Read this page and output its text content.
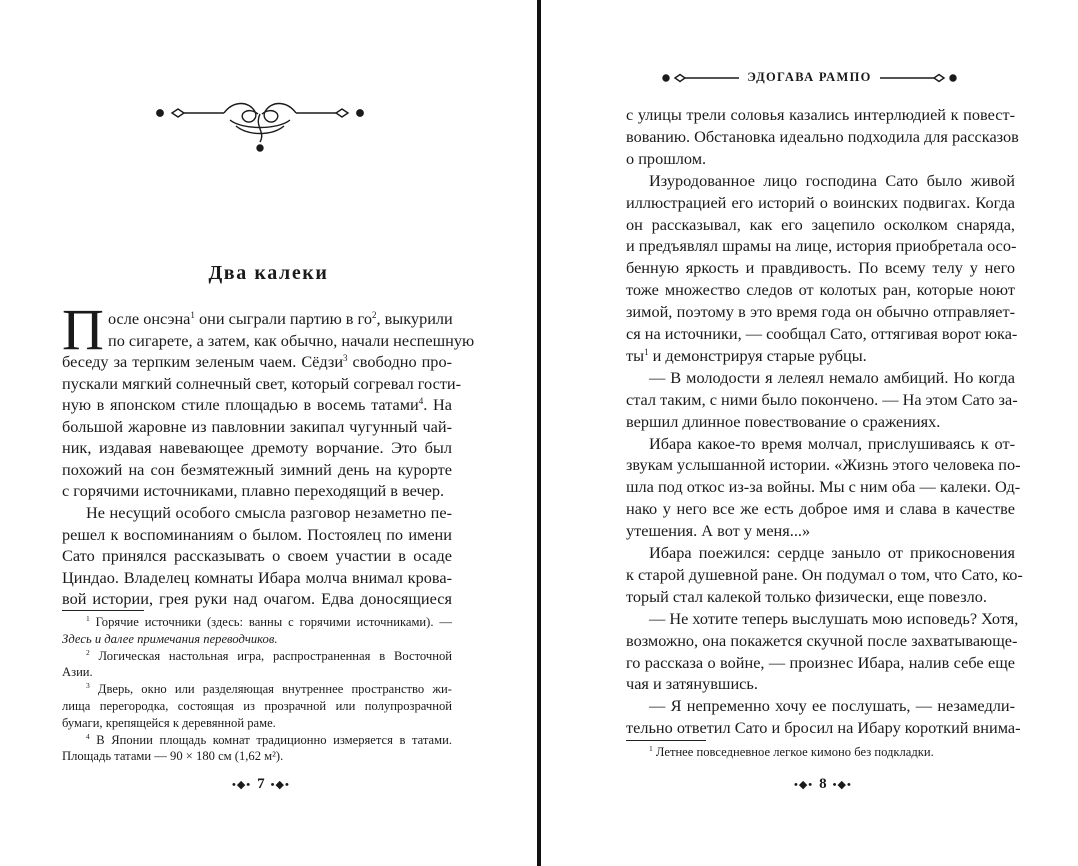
Два калеки
П осле онсэна$^1$ они сыграли партию в $го^2$, выкурили
по сигарете, а затем, как обычно, начали неспешную
беседу за терпким зеленым чаем. Сёдзи$^3$ свободно про-
пускали мягкий солнечный свет, который согревал гости-
ную в японском стиле площадью в восемь татами$^4$. На
большой жаровне из павловнии закипал чугунный чай-
ник, издавая навевающее дремоту ворчание. Это был
похожий на сон безмятежный зимний день на курорте
с горячими источниками, плавно переходящий в вечер.
Не несущий особого смысла разговор незаметно пе-
решел к воспоминаниям о былом. Постоялец по имени
Сато принялся рассказывать о своем участии в осаде
Циндао. Владелец комнаты Ибара молча внимал крова-
вой истории, грея руки над очагом. Едва доносящиеся
$^1$ Горячие источники (здесь: ванны с горячими источниками). —
Здесь и далее примечания переводчиков.
$^2$ Логическая настольная игра, распространенная в Восточной
Азии.
$^3$ Дверь, окно или разделяющая внутреннее пространство жи-
лища перегородка, состоящая из прозрачной или полупрозрачной
бумаги, крепящейся к деревянной раме.
$^4$ В Японии площадь комнат традиционно измеряется в татами.
Площадь татами — 90 × 180 см (1,62 м²).
•◆• 7 •◆•
ЭДОГАВА РАМПО
с улицы трели соловья казались интерлюдией к повест-
вованию. Обстановка идеально подходила для рассказов
о прошлом.
Изуродованное лицо господина Сато было живой
иллюстрацией его историй о воинских подвигах. Когда
он рассказывал, как его зацепило осколком снаряда,
и предъявлял шрамы на лице, история приобретала осо-
бенную яркость и правдивость. По всему телу у него
тоже множество следов от колотых ран, которые ноют
зимой, поэтому в это время года он обычно отправляет-
ся на источники, — сообщал Сато, оттягивая ворот юка-
$ты^1$ и демонстрируя старые рубцы.
— В молодости я лелеял немало амбиций. Но когда
стал таким, с ними было покончено. — На этом Сато за-
вершил длинное повествование о сражениях.
Ибара какое-то время молчал, прислушиваясь к от-
звукам услышанной истории. «Жизнь этого человека по-
шла под откос из-за войны. Мы с ним оба — калеки. Од-
нако у него все же есть доброе имя и слава в качестве
утешения. А вот у меня...»
Ибара поежился: сердце заныло от прикосновения
к старой душевной ране. Он подумал о том, что Сато, ко-
торый стал калекой только физически, еще повезло.
— Не хотите теперь выслушать мою исповедь? Хотя,
возможно, она покажется скучной после захватывающе-
го рассказа о войне, — произнес Ибара, налив себе еще
чая и затянувшись.
— Я непременно хочу ее послушать, — незамедли-
тельно ответил Сато и бросил на Ибару короткий внима-
$^1$ Летнее повседневное легкое кимоно без подкладки.
•◆• 8 •◆•
